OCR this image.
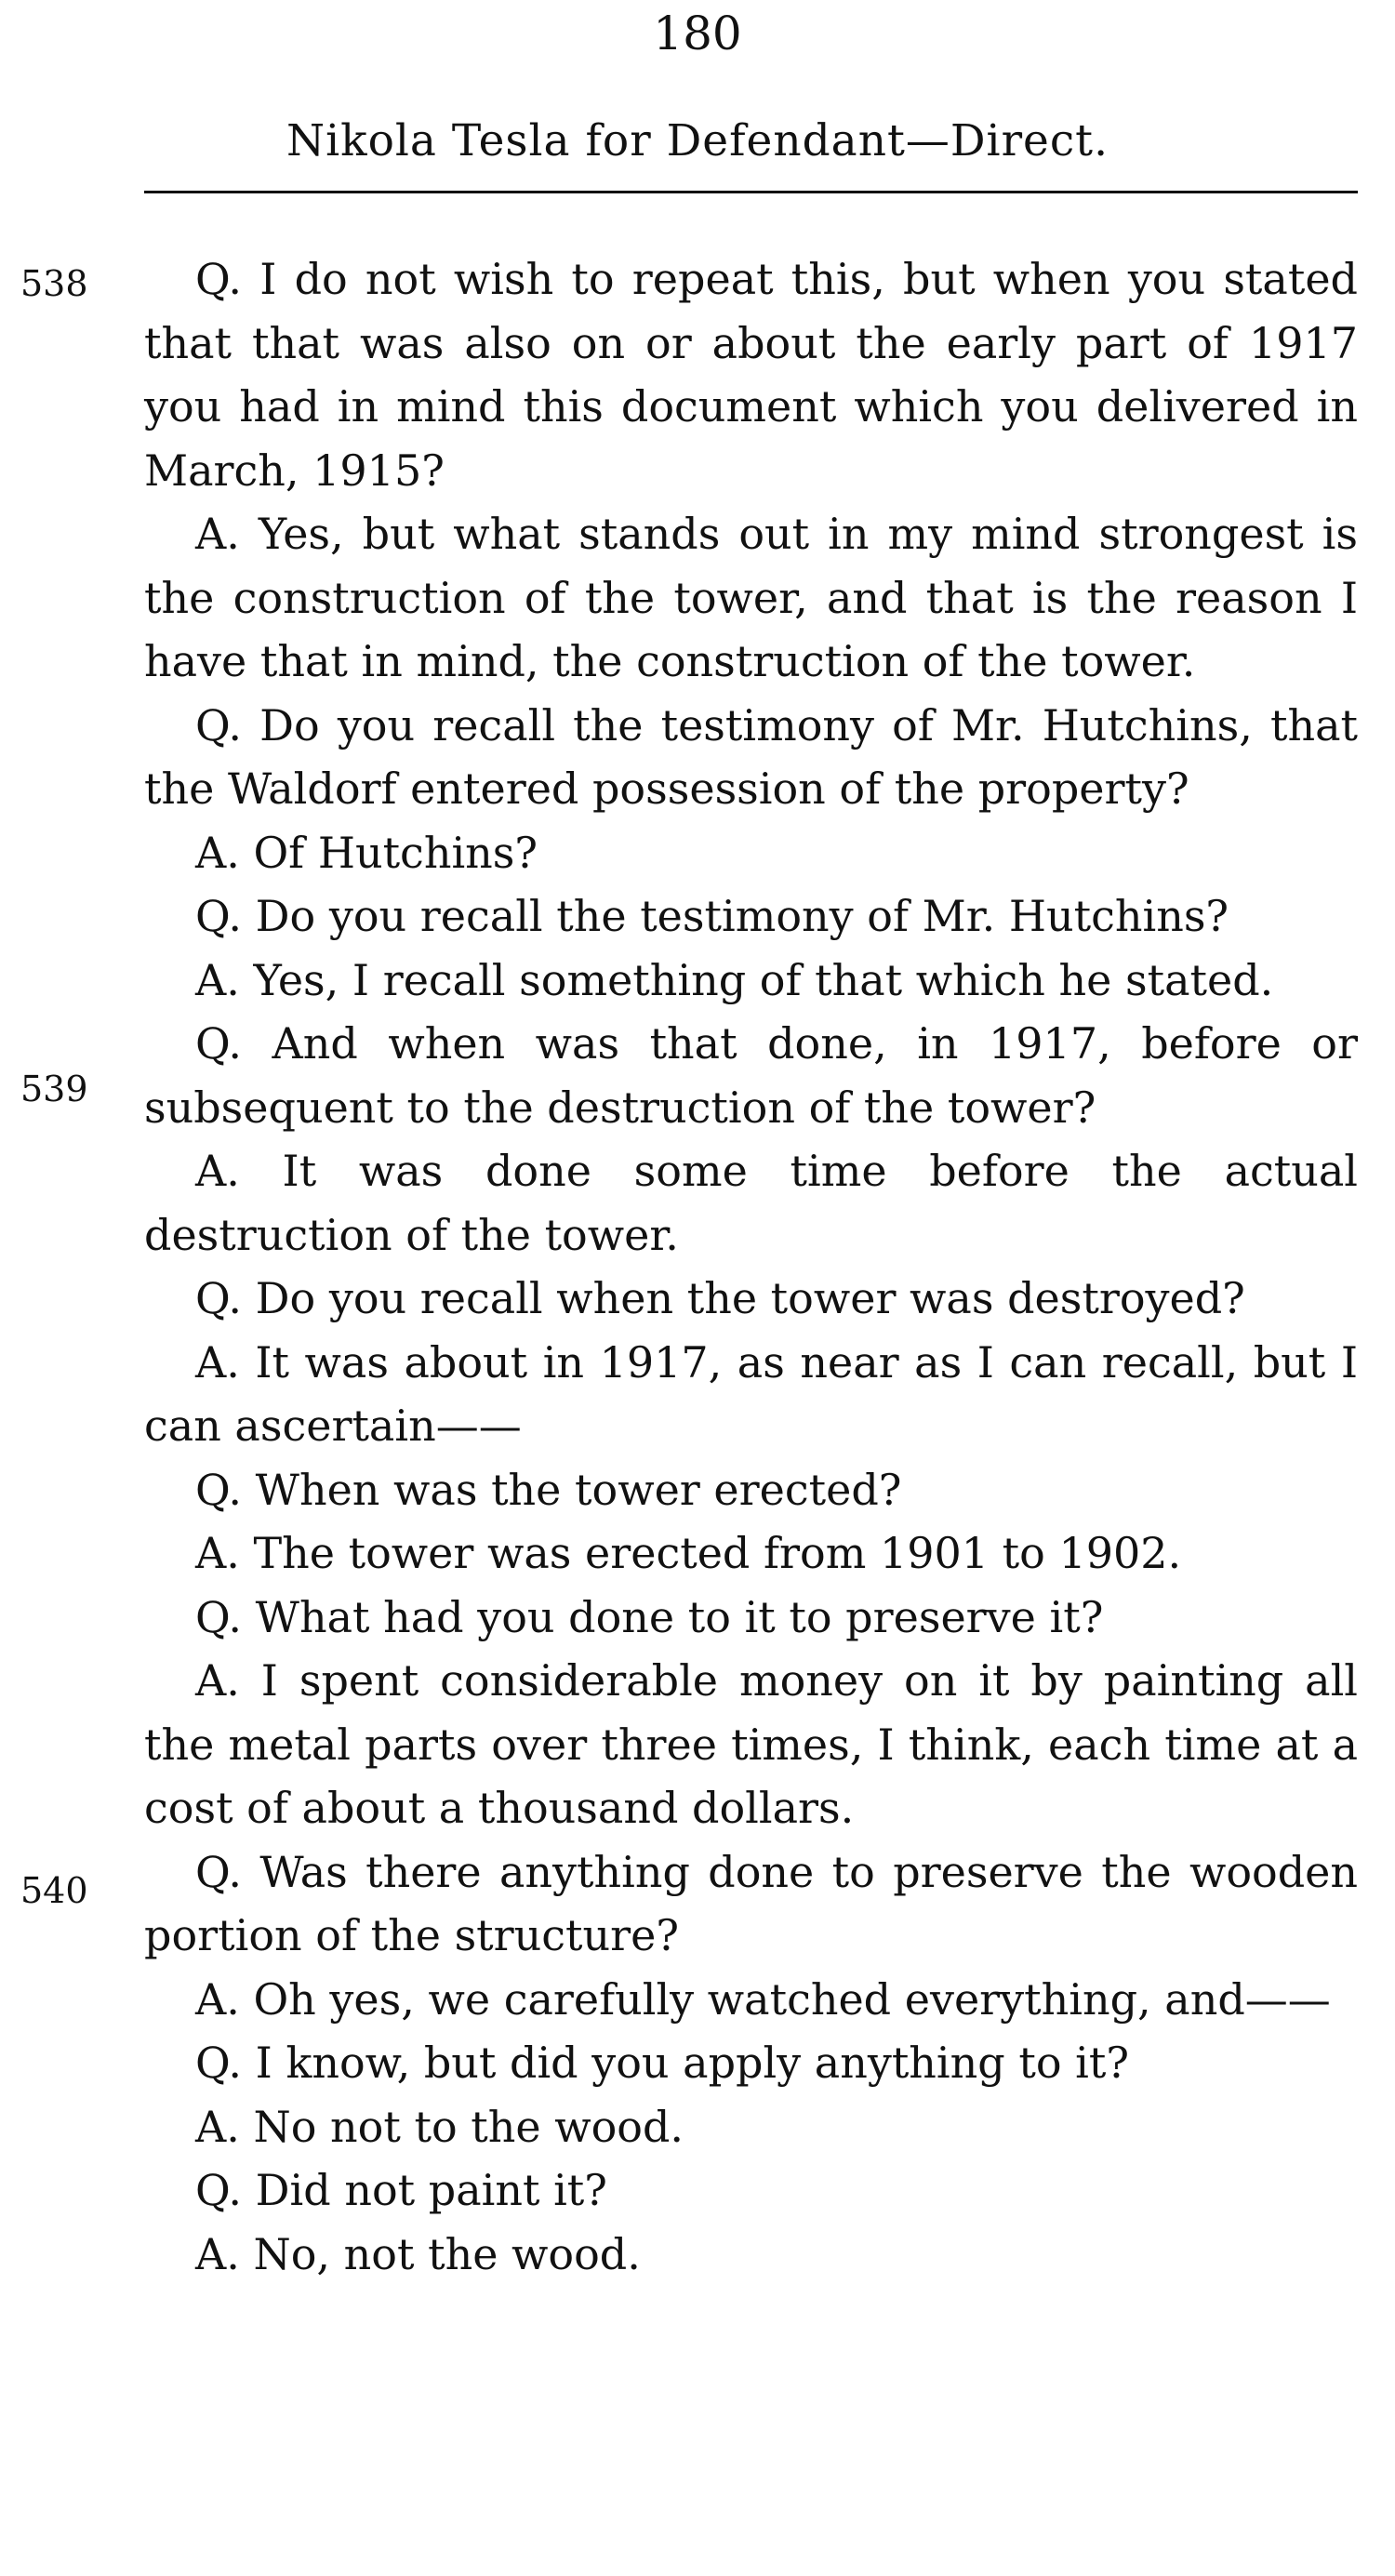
180
Nikola Tesla for Defendant—Direct.
538
539
540

Q. I do not wish to repeat this, but when you stated that that was also on or about the early part of 1917 you had in mind this document which you delivered in March, 1915?

A. Yes, but what stands out in my mind strongest is the construction of the tower, and that is the reason I have that in mind, the construction of the tower.

Q. Do you recall the testimony of Mr. Hutchins, that the Waldorf entered possession of the property?

A. Of Hutchins?

Q. Do you recall the testimony of Mr. Hutchins?

A. Yes, I recall something of that which he stated.

Q. And when was that done, in 1917, before or subsequent to the destruction of the tower?

A. It was done some time before the actual destruction of the tower.

Q. Do you recall when the tower was destroyed?

A. It was about in 1917, as near as I can recall, but I can ascertain——

Q. When was the tower erected?

A. The tower was erected from 1901 to 1902.

Q. What had you done to it to preserve it?

A. I spent considerable money on it by painting all the metal parts over three times, I think, each time at a cost of about a thousand dollars.

Q. Was there anything done to preserve the wooden portion of the structure?

A. Oh yes, we carefully watched everything, and——

Q. I know, but did you apply anything to it?

A. No not to the wood.

Q. Did not paint it?

A. No, not the wood.
